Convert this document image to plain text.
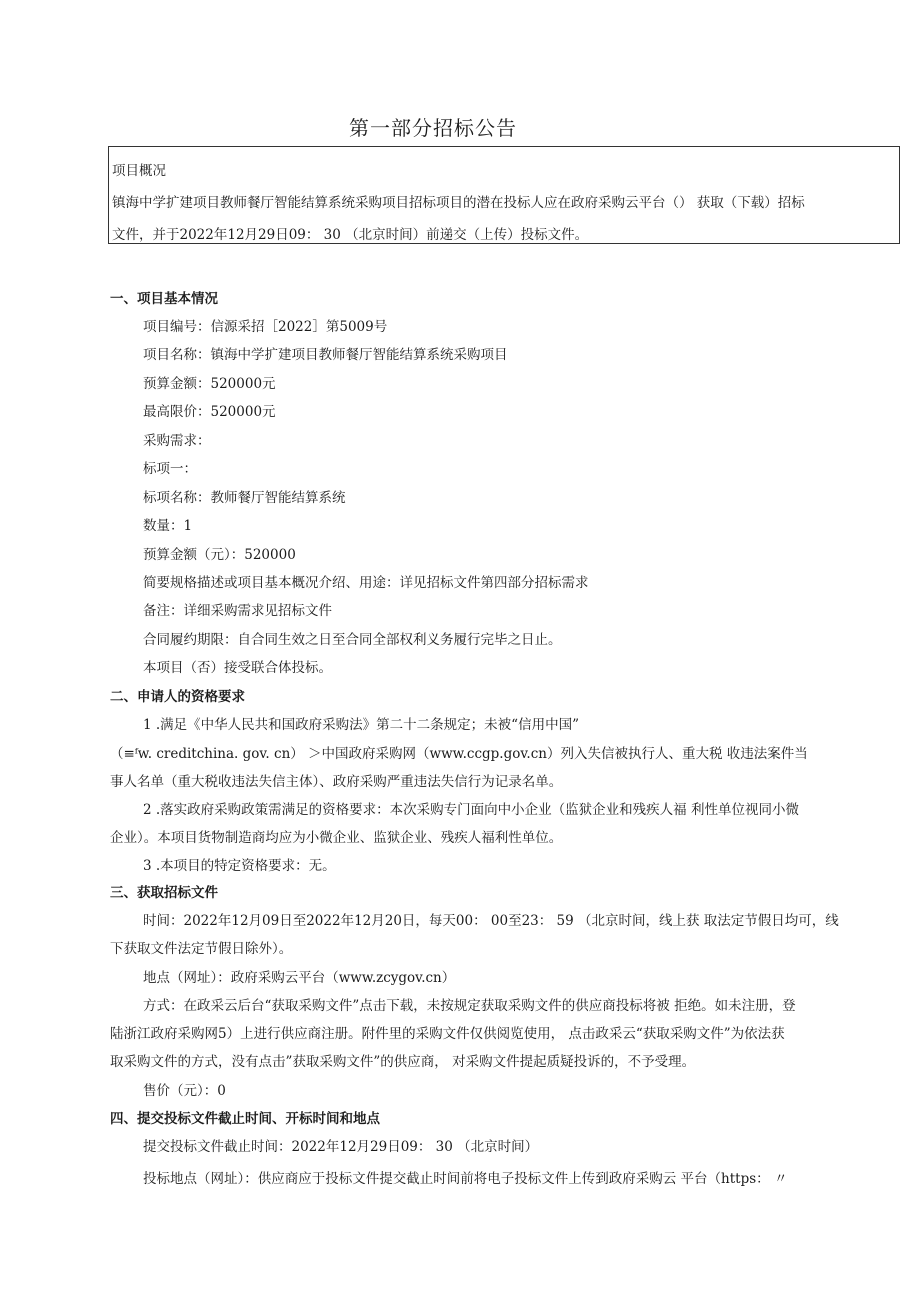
第一部分招标公告
项目概况
镇海中学扩建项目教师餐厅智能结算系统采购项目招标项目的潜在投标人应在政府采购云平台（） 获取（下载）招标
文件，并于2022年12月29日09： 30 （北京时间）前递交（上传）投标文件。
一、项目基本情况
项目编号：信源采招［2022］第5009号
项目名称：镇海中学扩建项目教师餐厅智能结算系统采购项目
预算金额：520000元
最高限价：520000元
采购需求：
标项一：
标项名称：教师餐厅智能结算系统
数量：1
预算金额（元）：520000
简要规格描述或项目基本概况介绍、用途：详见招标文件第四部分招标需求
备注：详细采购需求见招标文件
合同履约期限：自合同生效之日至合同全部权利义务履行完毕之日止。
本项目（否）接受联合体投标。
二、申请人的资格要求
1 .满足《中华人民共和国政府采购法》第二十二条规定；未被“信用中国”
（≡ᶠw. creditchina. gov. cn） ＞中国政府采购网（www.ccgp.gov.cn）列入失信被执行人、重大税 收违法案件当
事人名单（重大税收违法失信主体）、政府采购严重违法失信行为记录名单。
2 .落实政府采购政策需满足的资格要求：本次采购专门面向中小企业（监狱企业和残疾人福 利性单位视同小微
企业）。本项目货物制造商均应为小微企业、监狱企业、残疾人福利性单位。
3 .本项目的特定资格要求：无。
三、获取招标文件
时间：2022年12月09日至2022年12月20日，每天00： 00至23： 59 （北京时间，线上获 取法定节假日均可，线
下获取文件法定节假日除外）。
地点（网址）：政府采购云平台（www.zcygov.cn）
方式：在政采云后台“获取采购文件”点击下载，未按规定获取采购文件的供应商投标将被 拒绝。如未注册，登
陆浙江政府采购网5）上进行供应商注册。附件里的采购文件仅供阅览使用， 点击政采云“获取采购文件”为依法获
取采购文件的方式，没有点击”获取采购文件”的供应商， 对采购文件提起质疑投诉的，不予受理。
售价（元）：0
四、提交投标文件截止时间、开标时间和地点
提交投标文件截止时间：2022年12月29日09： 30 （北京时间）
投标地点（网址）：供应商应于投标文件提交截止时间前将电子投标文件上传到政府采购云 平台（https： 〃
